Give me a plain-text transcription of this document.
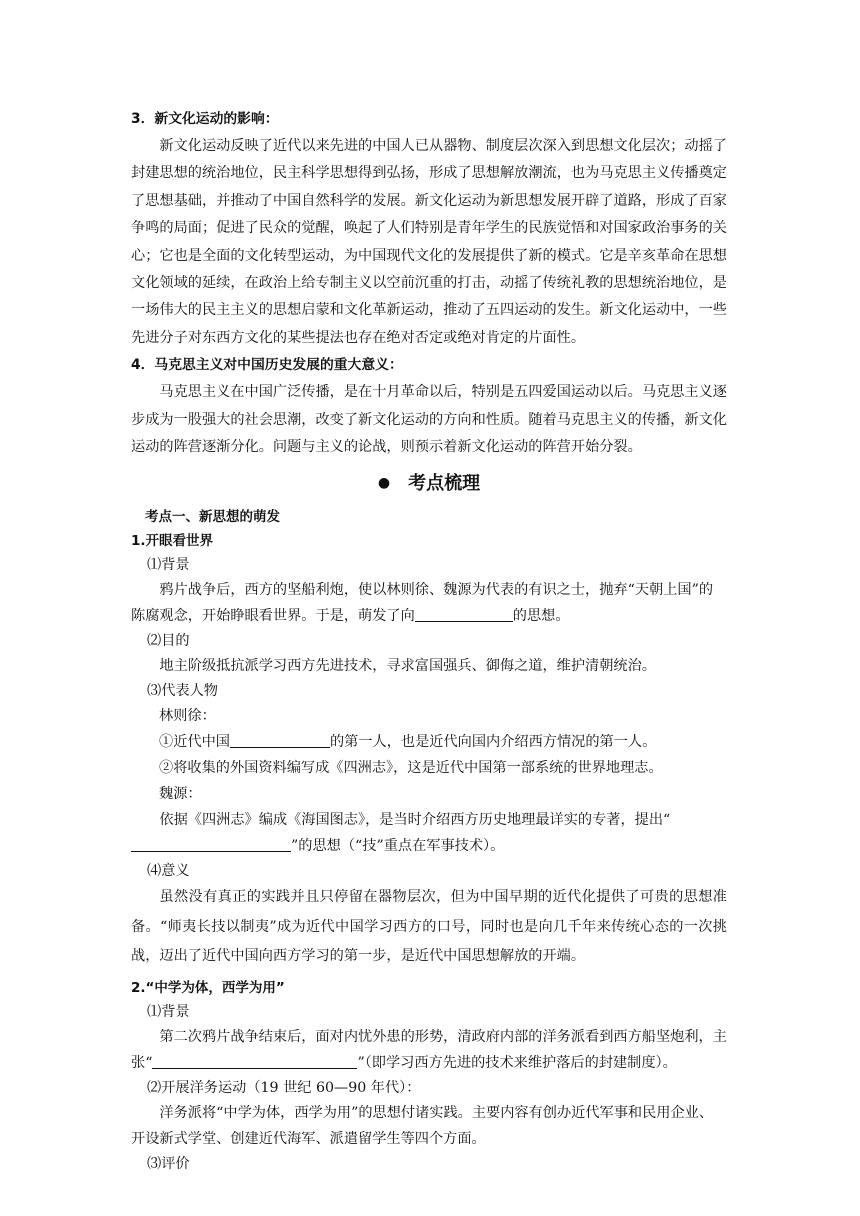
3．新文化运动的影响：

新文化运动反映了近代以来先进的中国人已从器物、制度层次深入到思想文化层次；动摇了封建思想的统治地位，民主科学思想得到弘扬，形成了思想解放潮流，也为马克思主义传播奠定了思想基础，并推动了中国自然科学的发展。新文化运动为新思想发展开辟了道路，形成了百家争鸣的局面；促进了民众的觉醒，唤起了人们特别是青年学生的民族觉悟和对国家政治事务的关心；它也是全面的文化转型运动，为中国现代文化的发展提供了新的模式。它是辛亥革命在思想文化领域的延续，在政治上给专制主义以空前沉重的打击，动摇了传统礼教的思想统治地位，是一场伟大的民主主义的思想启蒙和文化革新运动，推动了五四运动的发生。新文化运动中，一些先进分子对东西方文化的某些提法也存在绝对否定或绝对肯定的片面性。

4．马克思主义对中国历史发展的重大意义：

马克思主义在中国广泛传播，是在十月革命以后，特别是五四爱国运动以后。马克思主义逐步成为一股强大的社会思潮，改变了新文化运动的方向和性质。随着马克思主义的传播，新文化运动的阵营逐渐分化。问题与主义的论战，则预示着新文化运动的阵营开始分裂。

● 考点梳理

考点一、新思想的萌发

1.开眼看世界

⑴背景

鸦片战争后，西方的坚船利炮，使以林则徐、魏源为代表的有识之士，抛弃“天朝上国”的陈腐观念，开始睁眼看世界。于是，萌发了向	的思想。

⑵目的

地主阶级抵抗派学习西方先进技术，寻求富国强兵、御侮之道，维护清朝统治。

⑶代表人物

林则徐：

①近代中国	的第一人，也是近代向国内介绍西方情况的第一人。

②将收集的外国资料编写成《四洲志》，这是近代中国第一部系统的世界地理志。

魏源：

依据《四洲志》编成《海国图志》，是当时介绍西方历史地理最详实的专著，提出“”的思想（“技”重点在军事技术）。

⑷意义

虽然没有真正的实践并且只停留在器物层次，但为中国早期的近代化提供了可贵的思想准备。“师夷长技以制夷”成为近代中国学习西方的口号，同时也是向几千年来传统心态的一次挑战，迈出了近代中国向西方学习的第一步，是近代中国思想解放的开端。

2.“中学为体，西学为用”

⑴背景

第二次鸦片战争结束后，面对内忧外患的形势，清政府内部的洋务派看到西方船坚炮利，主张“	”（即学习西方先进的技术来维护落后的封建制度）。

⑵开展洋务运动（19 世纪 60—90 年代）：

洋务派将“中学为体，西学为用”的思想付诸实践。主要内容有创办近代军事和民用企业、开设新式学堂、创建近代海军、派遣留学生等四个方面。

⑶评价
